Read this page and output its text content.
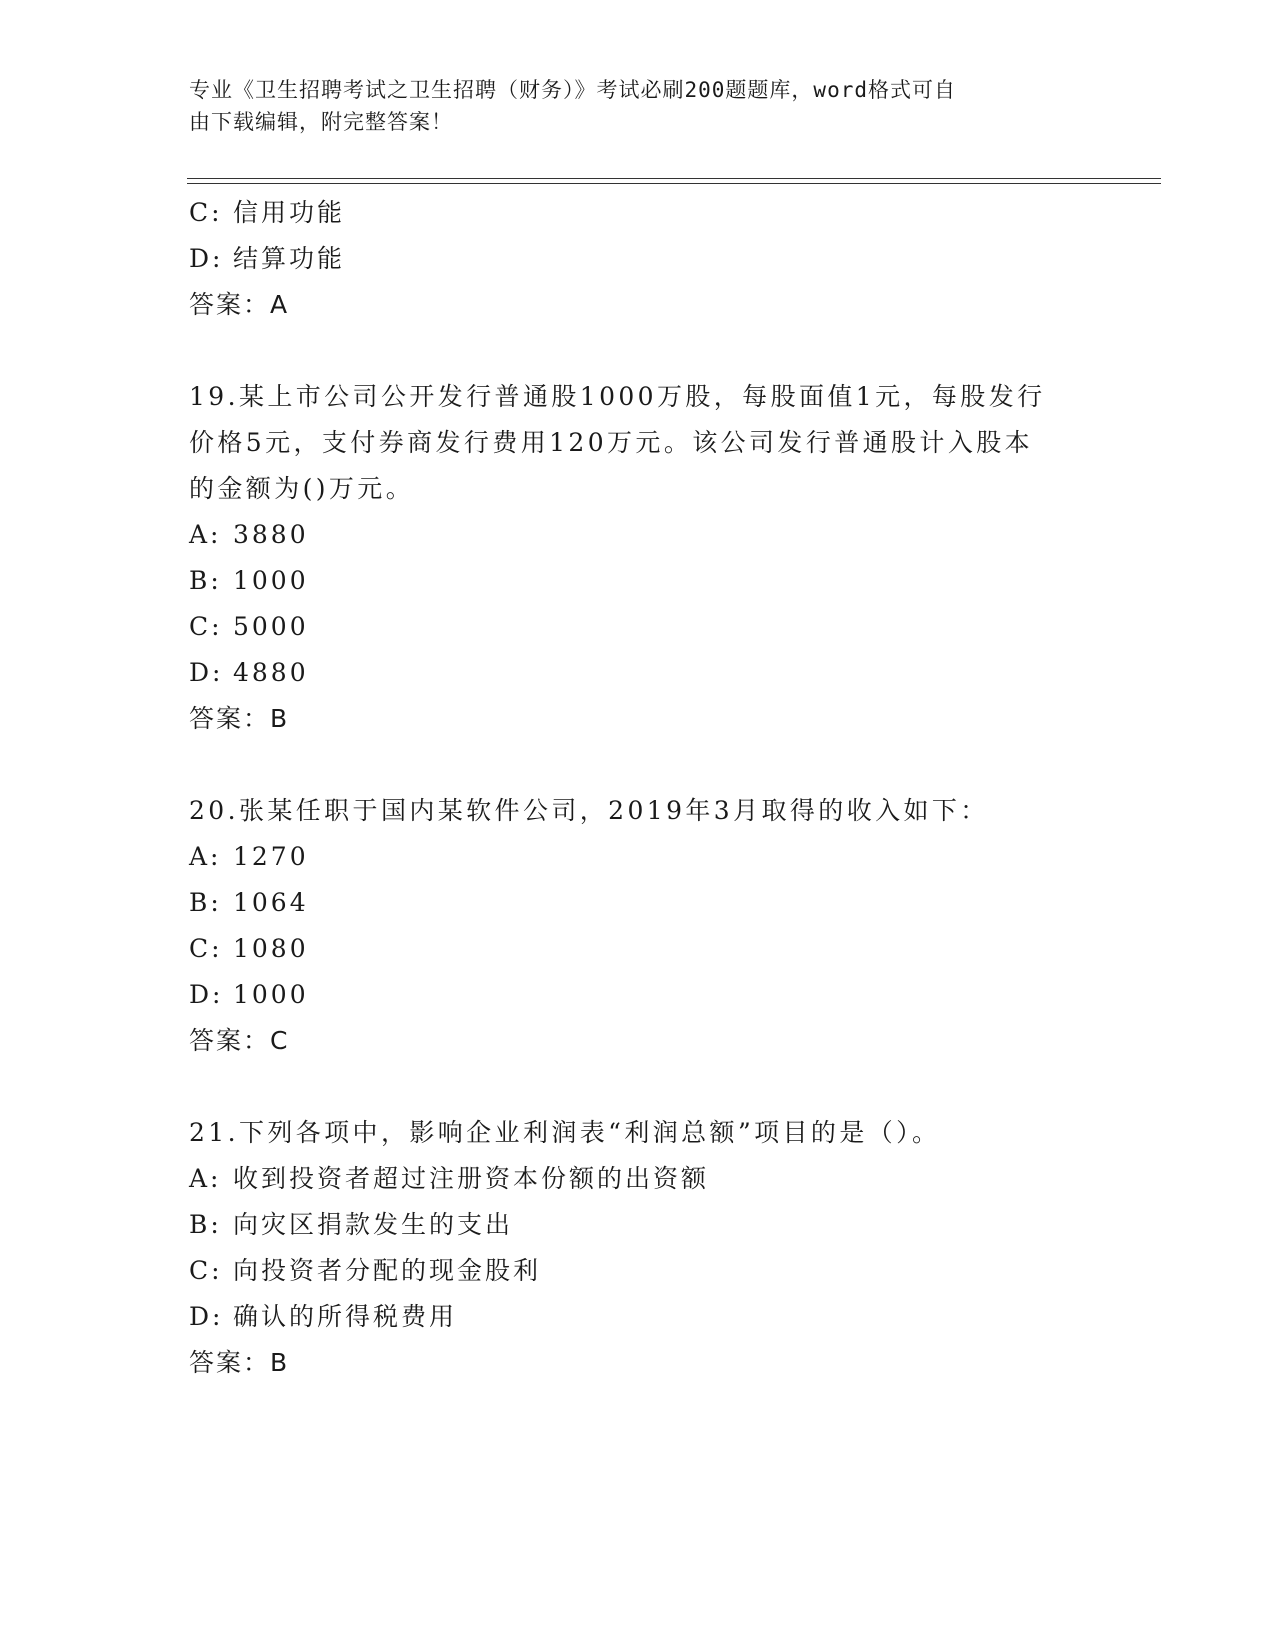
专业《卫生招聘考试之卫生招聘（财务）》考试必刷200题题库，word格式可自
由下载编辑，附完整答案！
C: 信用功能
D: 结算功能
答案：A
19.某上市公司公开发行普通股1000万股，每股面值1元，每股发行
价格5元，支付券商发行费用120万元。该公司发行普通股计入股本
的金额为()万元。
A: 3880
B: 1000
C: 5000
D: 4880
答案：B
20.张某任职于国内某软件公司，2019年3月取得的收入如下：
A: 1270
B: 1064
C: 1080
D: 1000
答案：C
21.下列各项中，影响企业利润表“利润总额”项目的是（）。
A: 收到投资者超过注册资本份额的出资额
B: 向灾区捐款发生的支出
C: 向投资者分配的现金股利
D: 确认的所得税费用
答案：B
